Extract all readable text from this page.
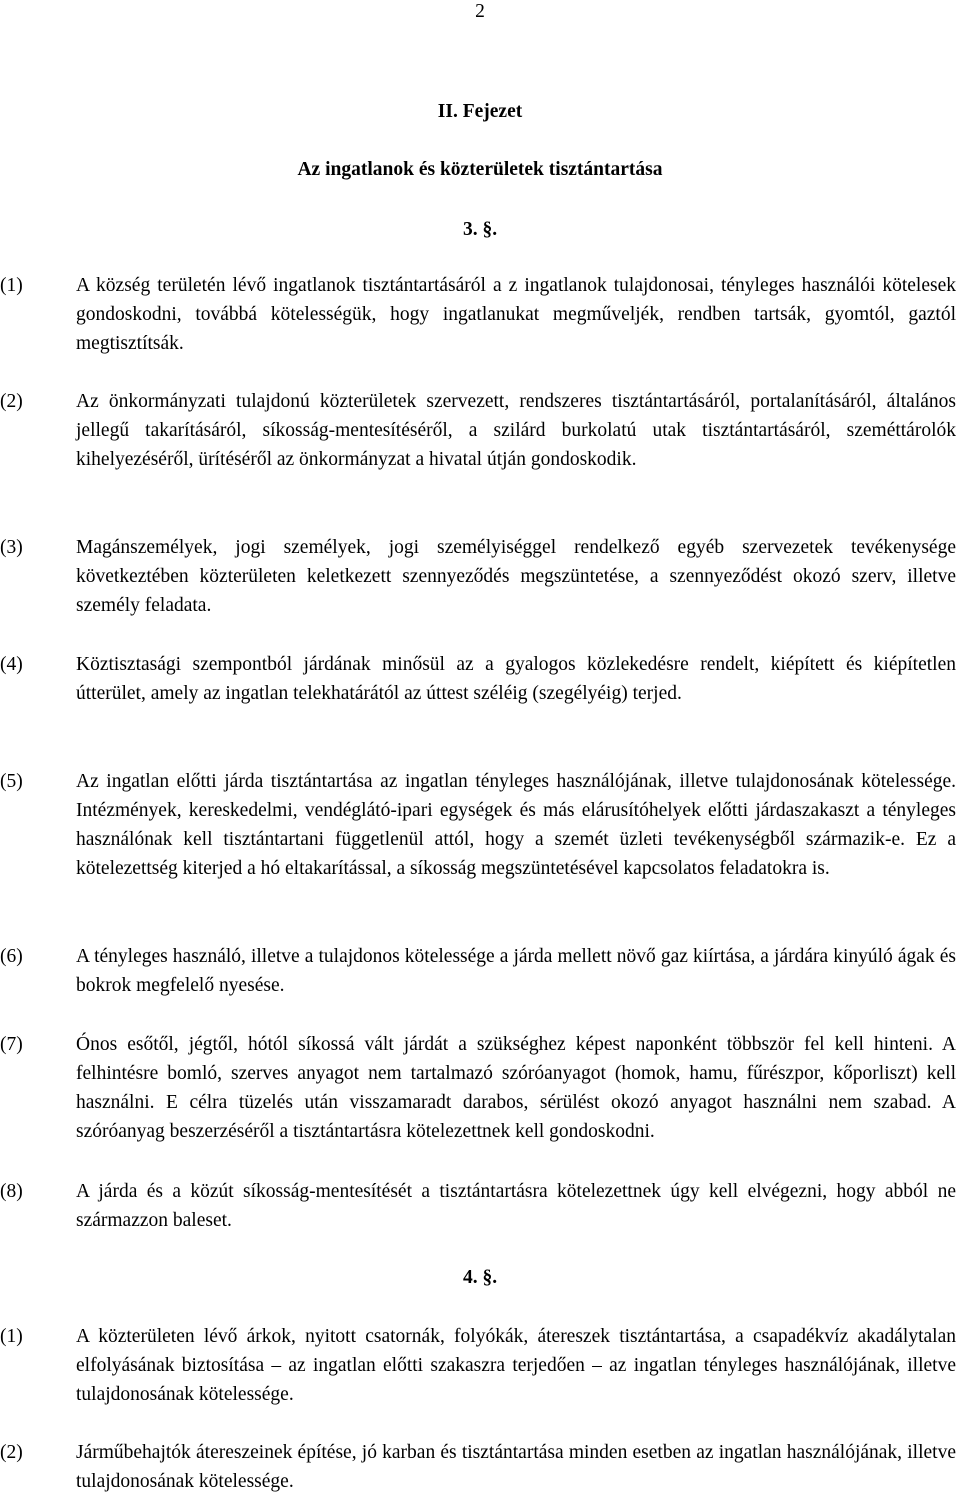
2
II. Fejezet
Az ingatlanok és közterületek tisztántartása
3. §.
(1)	A község területén lévő ingatlanok tisztántartásáról a z ingatlanok tulajdonosai, tényleges használói kötelesek gondoskodni, továbbá kötelességük, hogy ingatlanukat megművelj​ék, rendben tartsák, gyomtól, gaztól megtisztítsák.
(2)	Az önkormányzati tulajdonú közterületek szervezett, rendszeres tisztántartásáról, portalanításáról, általános jellegű takarításáról, síkosság-mentesítéséről, a szilárd burkolatú utak tisztántartásáról, szeméttárolók kihelyezéséről, ürítéséről az önkormányzat a hivatal útján gondoskodik.
(3)	Magánszemélyek, jogi személyek, jogi személyiséggel rendelkező egyéb szervezetek tevékenysége következtében közterületen keletkezett szennyeződés megszüntetése, a szennyeződést okozó szerv, illetve személy feladata.
(4)	Köztisztasági szempontból járdának minősül az a gyalogos közlekedésre rendelt, kiépített és kiépítetlen útterület, amely az ingatlan telekhatárától az úttest széléig (szegélyéig) terjed.
(5)	Az ingatlan előtti járda tisztántartása az ingatlan tényleges használójának, illetve tulajdonosának kötelessége. Intézmények, kereskedelmi, vendéglátó-ipari egységek és más elárusítóhelyek előtti járdaszakaszt a tényleges használónak kell tisztántartani függetlenül attól, hogy a szemét üzleti tevékenységből származik-e. Ez a kötelezettség kiterjed a hó eltakarítással, a síkosság megszüntetésével kapcsolatos feladatokra is.
(6)	A tényleges használó, illetve a tulajdonos kötelessége a járda mellett növő gaz kiírtása, a járdára kinyúló ágak és bokrok megfelelő nyesése.
(7)	Ónos esőtől, jégtől, hótól síkossá vált járdát a szükséghez képest naponként többször fel kell hinteni. A felhintésre bomló, szerves anyagot nem tartalmazó szóróanyagot (homok, hamu, fűrészpor, kőporliszt) kell használni. E célra tüzelés után visszamaradt darabos, sérülést okozó anyagot használni nem szabad. A szóróanyag beszerzéséről a tisztántartásra kötelezettnek kell gondoskodni.
(8)	A járda és a közút síkosság-mentesítését a tisztántartásra kötelezettnek úgy kell elvégezni, hogy abból ne származzon baleset.
4. §.
(1)	A közterületen lévő árkok, nyitott csatornák, folyókák, áteresze​k tisztántartása, a csapadékvíz akadálytalan elfolyásának biztosítása – az ingatlan előtti szakaszra terjedően – az ingatlan tényleges használójának, illetve tulajdonosának kötelessége.
(2)	Járműbehajtók áteresze​inek építése, jó karban és tisztántartása minden esetben az ingatlan használójának, illetve tulajdonosának kötelessége.
